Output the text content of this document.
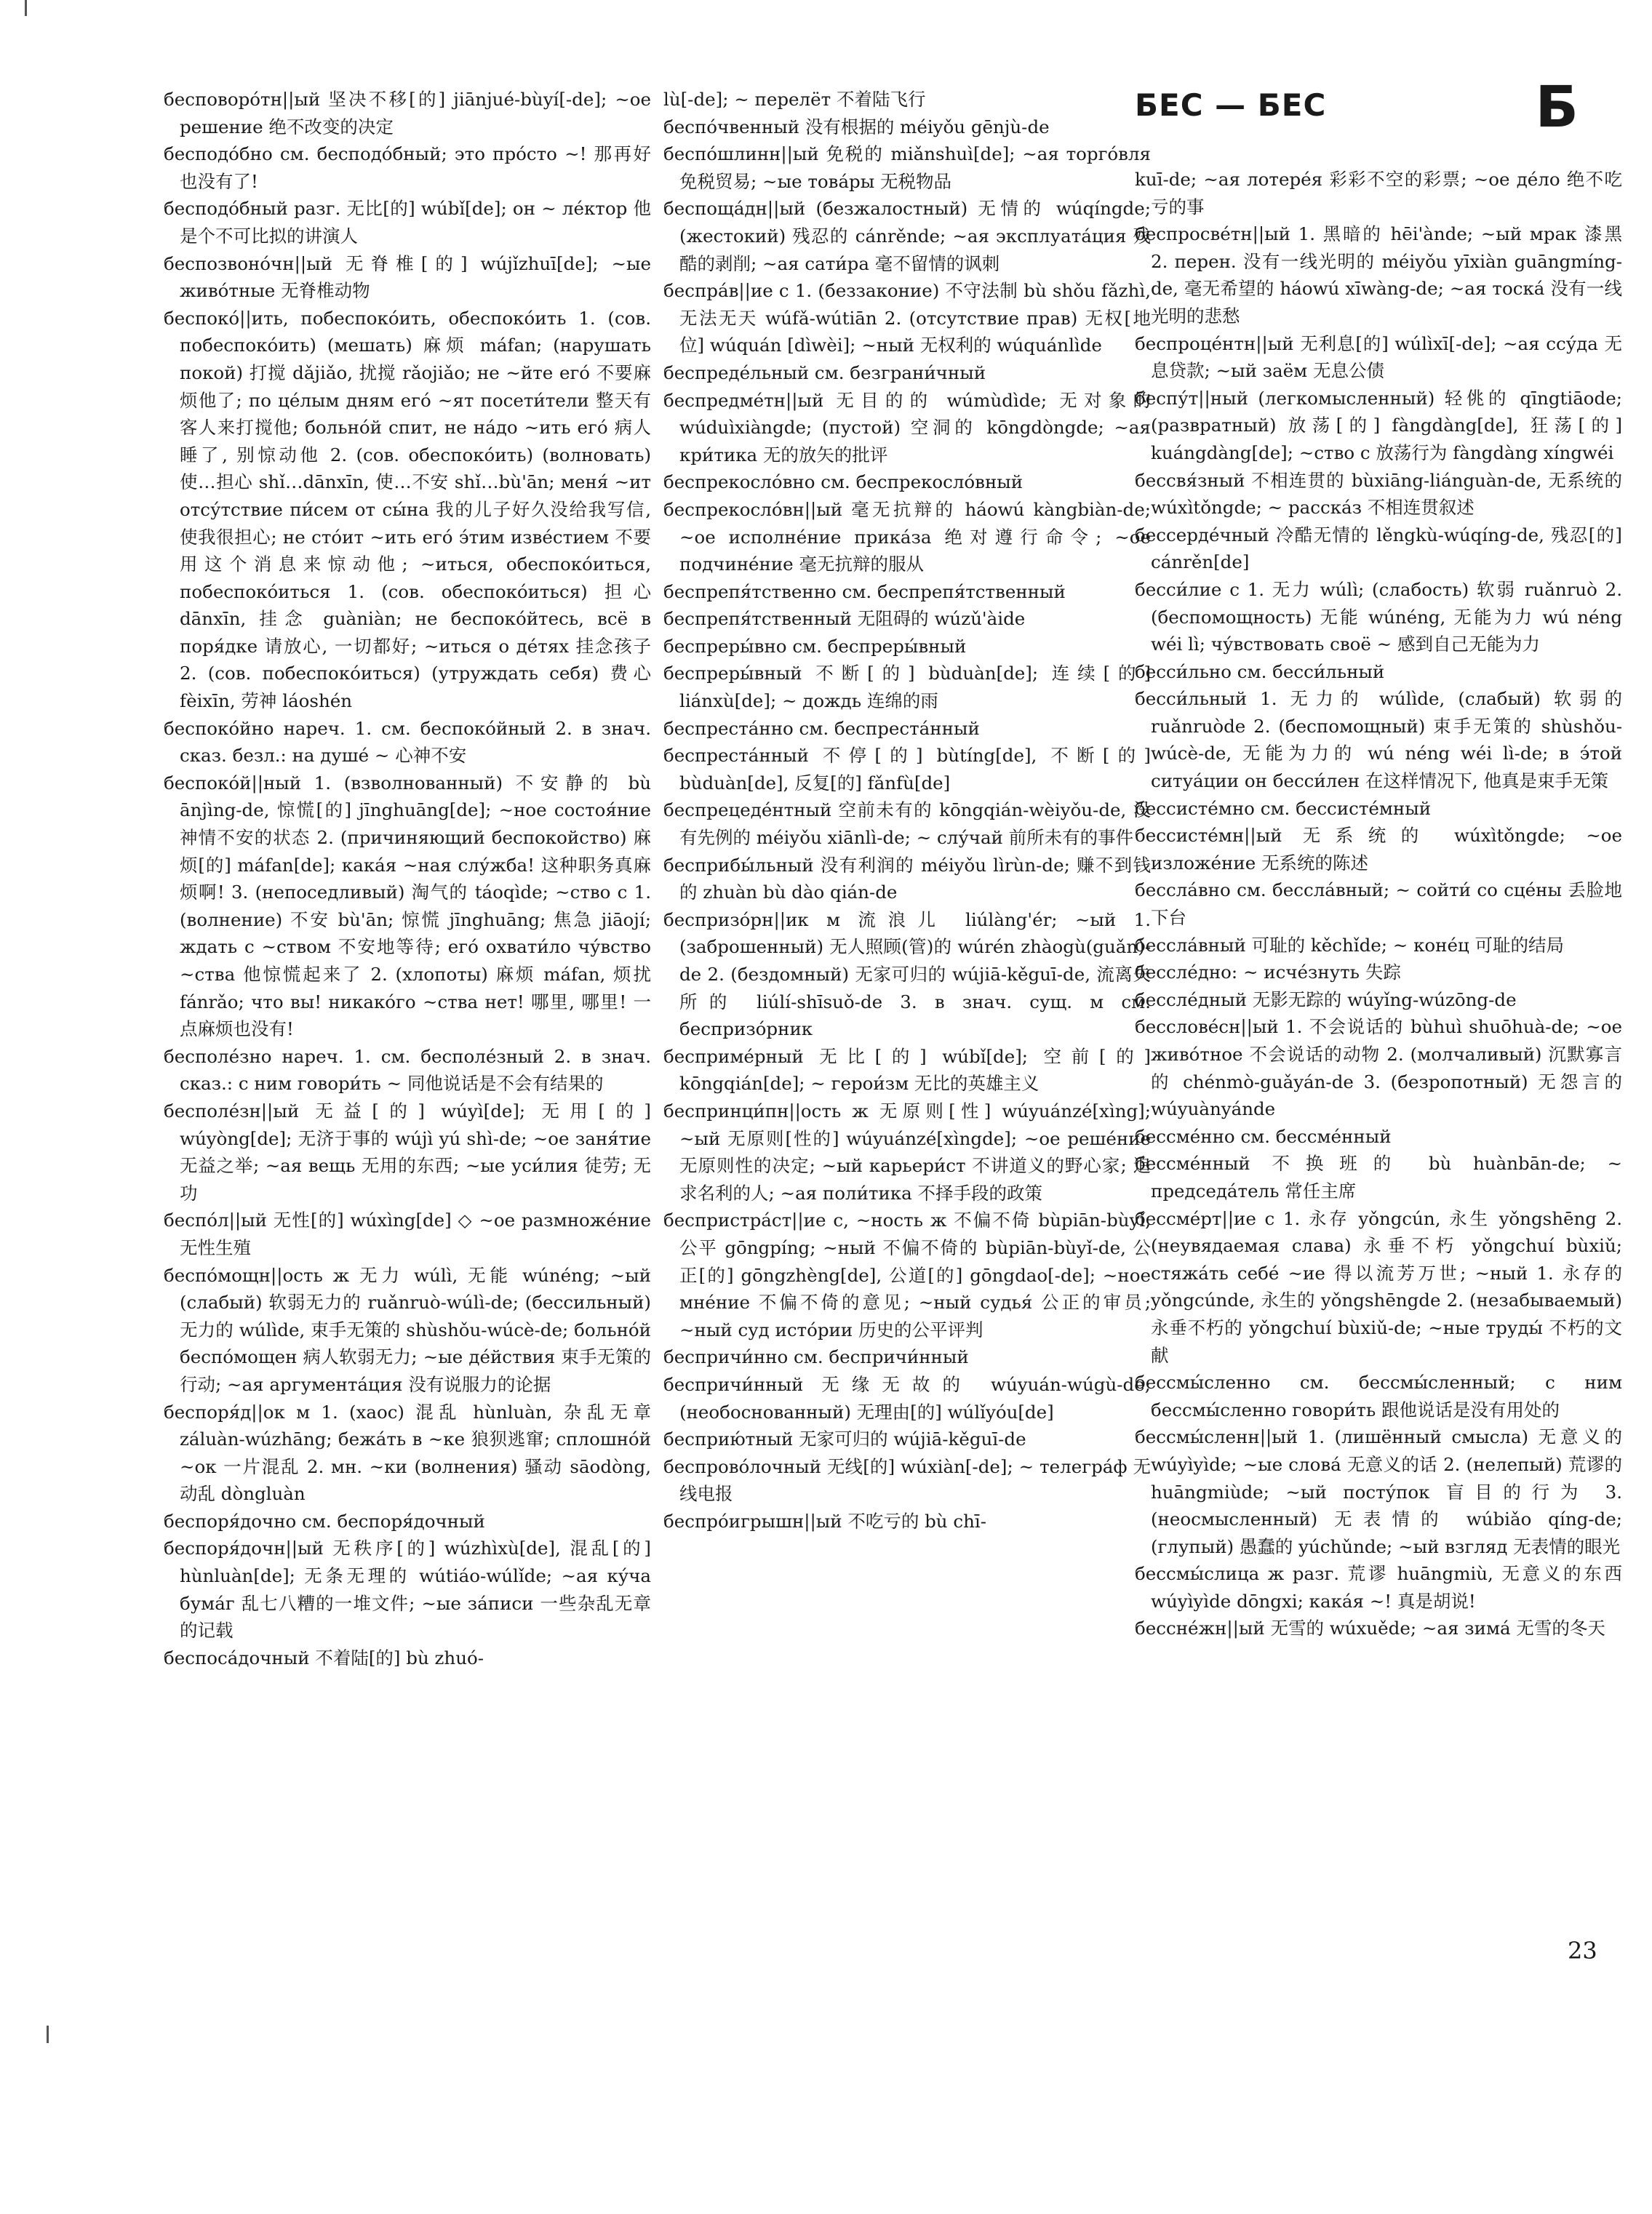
БЕС — БЕС	Б

бесповоро́тн||ый 坚决不移[的] jiānjué-bùyí[-de]; ~ое решение 绝不改变的决定

бесподо́бно см. бесподо́бный; это про́сто ~! 那再好也没有了!

бесподо́бный разг. 无比[的] wúbǐ[de]; он ~ ле́ктор 他是个不可比拟的讲演人

беспозвоно́чн||ый 无脊椎[的] wújǐzhuī[de]; ~ые живо́тные 无脊椎动物

беспоко́||ить, побеспоко́ить, обеспоко́ить 1. (сов. побеспоко́ить) (мешать) 麻烦 máfan; (нарушать покой) 打搅 dǎjiǎo, 扰搅 rǎojiǎo; не ~йте его́ 不要麻烦他了; по це́лым дням его́ ~ят посети́тели 整天有客人来打搅他; больно́й спит, не на́до ~ить его́ 病人睡了, 别惊动他 2. (сов. обеспоко́ить) (волновать) 使…担心 shǐ…dānxīn, 使…不安 shǐ…bù'ān; меня́ ~ит отсу́тствие пи́сем от сы́на 我的儿子好久没给我写信, 使我很担心; не сто́ит ~ить его́ э́тим изве́стием 不要用这个消息来惊动他; ~иться, обеспоко́иться, побеспоко́иться 1. (сов. обеспоко́иться) 担心 dānxīn, 挂念 guàniàn; не беспоко́йтесь, всё в поря́дке 请放心, 一切都好; ~иться о де́тях 挂念孩子 2. (сов. побеспоко́иться) (утруждать себя) 费心 fèixīn, 劳神 láoshén

беспоко́йно нареч. 1. см. беспоко́йный 2. в знач. сказ. безл.: на душе́ ~ 心神不安

беспоко́й||ный 1. (взволнованный) 不安静的 bù ānjìng-de, 惊慌[的] jīnghuāng[de]; ~ное состоя́ние 神情不安的状态 2. (причиняющий беспокойство) 麻烦[的] máfan[de]; кака́я ~ная слу́жба! 这种职务真麻烦啊! 3. (непоседливый) 淘气的 táoqìde; ~ство с 1. (волнение) 不安 bù'ān; 惊慌 jīnghuāng; 焦急 jiāojí; ждать с ~ством 不安地等待; его́ охвати́ло чу́вство ~ства 他惊慌起来了 2. (хлопоты) 麻烦 máfan, 烦扰 fánrǎo; что вы! никако́го ~ства нет! 哪里, 哪里! 一点麻烦也没有!

бесполе́зно нареч. 1. см. бесполе́зный 2. в знач. сказ.: с ним говори́ть ~ 同他说话是不会有结果的

бесполе́зн||ый 无益[的] wúyì[de]; 无用[的] wúyòng[de]; 无济于事的 wújì yú shì-de; ~ое заня́тие 无益之举; ~ая вещь 无用的东西; ~ые уси́лия 徒劳; 无功

беспо́л||ый 无性[的] wúxìng[de] ◇ ~ое размноже́ние 无性生殖

беспо́мощн||ость ж 无力 wúlì, 无能 wúnéng; ~ый (слабый) 软弱无力的 ruǎnruò-wúlì-de; (бессильный) 无力的 wúlìde, 束手无策的 shùshǒu-wúcè-de; больно́й беспо́мощен 病人软弱无力; ~ые де́йствия 束手无策的行动; ~ая аргумента́ция 没有说服力的论据

беспоря́д||ок м 1. (хаос) 混乱 hùnluàn, 杂乱无章 záluàn-wúzhāng; бежа́ть в ~ке 狼狈逃窜; сплошно́й ~ок 一片混乱 2. мн. ~ки (волнения) 骚动 sāodòng, 动乱 dòngluàn

беспоря́дочно см. беспоря́дочный

беспоря́дочн||ый 无秩序[的] wúzhìxù[de], 混乱[的] hùnluàn[de]; 无条无理的 wútiáo-wúlǐde; ~ая ку́ча бума́г 乱七八糟的一堆文件; ~ые за́писи 一些杂乱无章的记载

беспоса́дочный 不着陆[的] bù zhuó-

lù[-de]; ~ перелёт 不着陆飞行

беспо́чвенный 没有根据的 méiyǒu gēnjù-de

беспо́шлинн||ый 免税的 miǎnshuì[de]; ~ая торго́вля 免税贸易; ~ые това́ры 无税物品

беспоща́дн||ый (безжалостный) 无情的 wúqíngde; (жестокий) 残忍的 cánrěnde; ~ая эксплуата́ция 残酷的剥削; ~ая сати́ра 毫不留情的讽刺

беспра́в||ие с 1. (беззаконие) 不守法制 bù shǒu fǎzhì, 无法无天 wúfǎ-wútiān 2. (отсутствие прав) 无权[地位] wúquán [dìwèi]; ~ный 无权利的 wúquánlìde

беспреде́льный см. безграни́чный

беспредме́тн||ый 无目的的 wúmùdìde; 无对象的 wúduìxiàngde; (пустой) 空洞的 kōngdòngde; ~ая кри́тика 无的放矢的批评

беспрекосло́вно см. беспрекосло́вный

беспрекосло́вн||ый 毫无抗辩的 háowú kàngbiàn-de; ~ое исполне́ние прика́за 绝对遵行命令; ~ое подчине́ние 毫无抗辩的服从

беспрепя́тственно см. беспрепя́тственный

беспрепя́тственный 无阻碍的 wúzǔ'àide

беспреры́вно см. беспреры́вный

беспреры́вный 不断[的] bùduàn[de]; 连续[的] liánxù[de]; ~ дождь 连绵的雨

беспреста́нно см. беспреста́нный

беспреста́нный 不停[的] bùtíng[de], 不断[的] bùduàn[de], 反复[的] fǎnfù[de]

беспрецеде́нтный 空前未有的 kōngqián-wèiyǒu-de, 没有先例的 méiyǒu xiānlì-de; ~ слу́чай 前所未有的事件

бесприбы́льный 没有利润的 méiyǒu lìrùn-de; 赚不到钱的 zhuàn bù dào qián-de

беспризо́рн||ик м 流浪儿 liúlàng'ér; ~ый 1. (заброшенный) 无人照顾(管)的 wúrén zhàogù(guǎn)-de 2. (бездомный) 无家可归的 wújiā-kěguī-de, 流离失所的 liúlí-shīsuǒ-de 3. в знач. сущ. м см. беспризо́рник

бесприме́рный 无比[的] wúbǐ[de]; 空前[的] kōngqián[de]; ~ герои́зм 无比的英雄主义

беспринци́пн||ость ж 无原则[性] wúyuánzé[xìng]; ~ый 无原则[性的] wúyuánzé[xìngde]; ~ое реше́ние 无原则性的决定; ~ый карьери́ст 不讲道义的野心家; 追求名利的人; ~ая поли́тика 不择手段的政策

беспристра́ст||ие с, ~ность ж 不偏不倚 bùpiān-bùyǐ, 公平 gōngpíng; ~ный 不偏不倚的 bùpiān-bùyǐ-de, 公正[的] gōngzhèng[de], 公道[的] gōngdao[-de]; ~ное мне́ние 不偏不倚的意见; ~ный судья́ 公正的审员; ~ный суд исто́рии 历史的公平评判

беспричи́нно см. беспричи́нный

беспричи́нный 无缘无故的 wúyuán-wúgù-de; (необоснованный) 无理由[的] wúlǐyóu[de]

бесприю́тный 无家可归的 wújiā-kěguī-de

беспрово́лочный 无线[的] wúxiàn[-de]; ~ телегра́ф 无线电报

беспро́игрышн||ый 不吃亏的 bù chī-

kuī-de; ~ая лотере́я 彩彩不空的彩票; ~ое де́ло 绝不吃亏的事

беспросве́тн||ый 1. 黑暗的 hēi'ànde; ~ый мрак 漆黑 2. перен. 没有一线光明的 méiyǒu yīxiàn guāngmíng-de, 毫无希望的 háowú xīwàng-de; ~ая тоска́ 没有一线光明的悲愁

беспроце́нтн||ый 无利息[的] wúlìxī[-de]; ~ая ссу́да 无息贷款; ~ый заём 无息公债

беспу́т||ный (легкомысленный) 轻佻的 qīngtiāode; (развратный) 放荡[的] fàngdàng[de], 狂荡[的] kuángdàng[de]; ~ство с 放荡行为 fàngdàng xíngwéi

бессвя́зный 不相连贯的 bùxiāng-liánguàn-de, 无系统的 wúxìtǒngde; ~ расска́з 不相连贯叙述

бессерде́чный 冷酷无情的 lěngkù-wúqíng-de, 残忍[的] cánrěn[de]

бесси́лие с 1. 无力 wúlì; (слабость) 软弱 ruǎnruò 2. (беспомощность) 无能 wúnéng, 无能为力 wú néng wéi lì; чу́вствовать своё ~ 感到自己无能为力

бесси́льно см. бесси́льный

бесси́льный 1. 无力的 wúlìde, (слабый) 软弱的 ruǎnruòde 2. (беспомощный) 束手无策的 shùshǒu-wúcè-de, 无能为力的 wú néng wéi lì-de; в э́той ситуа́ции он бесси́лен 在这样情况下, 他真是束手无策

бессисте́мно см. бессисте́мный

бессисте́мн||ый 无系统的 wúxìtǒngde; ~ое изложе́ние 无系统的陈述

бессла́вно см. бессла́вный; ~ сойти́ со сце́ны 丢脸地下台

бессла́вный 可耻的 kěchǐde; ~ коне́ц 可耻的结局

бессле́дно: ~ исче́знуть 失踪

бессле́дный 无影无踪的 wúyǐng-wúzōng-de

бесслове́сн||ый 1. 不会说话的 bùhuì shuōhuà-de; ~ое живо́тное 不会说话的动物 2. (молчаливый) 沉默寡言的 chénmò-guǎyán-de 3. (безропотный) 无怨言的 wúyuànyánde

бессме́нно см. бессме́нный

бессме́нный 不换班的 bù huànbān-de; ~ председа́тель 常任主席

бессме́рт||ие с 1. 永存 yǒngcún, 永生 yǒngshēng 2. (неувядаемая слава) 永垂不朽 yǒngchuí bùxiǔ; стяжа́ть себе́ ~ие 得以流芳万世; ~ный 1. 永存的 yǒngcúnde, 永生的 yǒngshēngde 2. (незабываемый) 永垂不朽的 yǒngchuí bùxiǔ-de; ~ные труды́ 不朽的文献

бессмы́сленно см. бессмы́сленный; с ним бессмы́сленно говори́ть 跟他说话是没有用处的

бессмы́сленн||ый 1. (лишённый смысла) 无意义的 wúyìyìde; ~ые слова́ 无意义的话 2. (нелепый) 荒谬的 huāngmiùde; ~ый посту́пок 盲目的行为 3. (неосмысленный) 无表情的 wúbiǎo qíng-de; (глупый) 愚蠢的 yúchǔnde; ~ый взгляд 无表情的眼光

бессмы́слица ж разг. 荒谬 huāngmiù, 无意义的东西 wúyìyìde dōngxi; кака́я ~! 真是胡说!

бессне́жн||ый 无雪的 wúxuěde; ~ая зима́ 无雪的冬天

23
